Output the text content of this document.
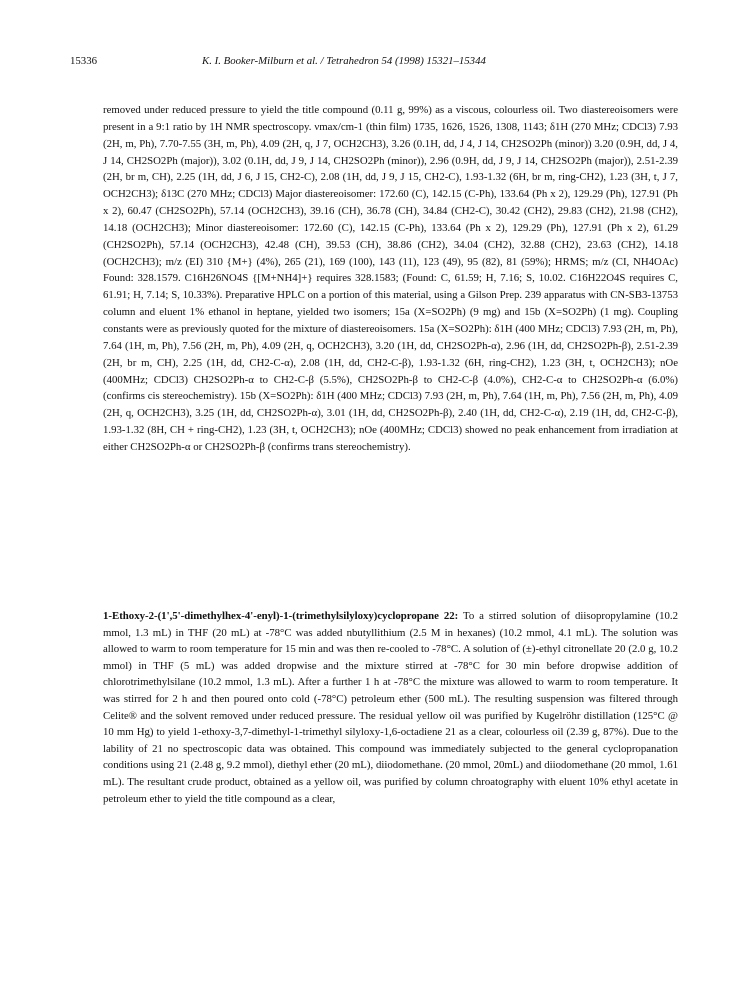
15336	K. I. Booker-Milburn et al. / Tetrahedron 54 (1998) 15321–15344

removed under reduced pressure to yield the title compound (0.11 g, 99%) as a viscous, colourless oil. Two diastereoisomers were present in a 9:1 ratio by 1H NMR spectroscopy. νmax/cm-1 (thin film) 1735, 1626, 1526, 1308, 1143; δ1H (270 MHz; CDCl3) 7.93 (2H, m, Ph), 7.70-7.55 (3H, m, Ph), 4.09 (2H, q, J 7, OCH2CH3), 3.26 (0.1H, dd, J 4, J 14, CH2SO2Ph (minor)) 3.20 (0.9H, dd, J 4, J 14, CH2SO2Ph (major)), 3.02 (0.1H, dd, J 9, J 14, CH2SO2Ph (minor)), 2.96 (0.9H, dd, J 9, J 14, CH2SO2Ph (major)), 2.51-2.39 (2H, br m, CH), 2.25 (1H, dd, J 6, J 15, CH2-C), 2.08 (1H, dd, J 9, J 15, CH2-C), 1.93-1.32 (6H, br m, ring-CH2), 1.23 (3H, t, J 7, OCH2CH3); δ13C (270 MHz; CDCl3) Major diastereoisomer: 172.60 (C), 142.15 (C-Ph), 133.64 (Ph x 2), 129.29 (Ph), 127.91 (Ph x 2), 60.47 (CH2SO2Ph), 57.14 (OCH2CH3), 39.16 (CH), 36.78 (CH), 34.84 (CH2-C), 30.42 (CH2), 29.83 (CH2), 21.98 (CH2), 14.18 (OCH2CH3); Minor diastereoisomer: 172.60 (C), 142.15 (C-Ph), 133.64 (Ph x 2), 129.29 (Ph), 127.91 (Ph x 2), 61.29 (CH2SO2Ph), 57.14 (OCH2CH3), 42.48 (CH), 39.53 (CH), 38.86 (CH2), 34.04 (CH2), 32.88 (CH2), 23.63 (CH2), 14.18 (OCH2CH3); m/z (EI) 310 {M+} (4%), 265 (21), 169 (100), 143 (11), 123 (49), 95 (82), 81 (59%); HRMS; m/z (CI, NH4OAc) Found: 328.1579. C16H26NO4S {[M+NH4]+} requires 328.1583; (Found: C, 61.59; H, 7.16; S, 10.02. C16H22O4S requires C, 61.91; H, 7.14; S, 10.33%). Preparative HPLC on a portion of this material, using a Gilson Prep. 239 apparatus with CN-SB3-13753 column and eluent 1% ethanol in heptane, yielded two isomers; 15a (X=SO2Ph) (9 mg) and 15b (X=SO2Ph) (1 mg). Coupling constants were as previously quoted for the mixture of diastereoisomers. 15a (X=SO2Ph): δ1H (400 MHz; CDCl3) 7.93 (2H, m, Ph), 7.64 (1H, m, Ph), 7.56 (2H, m, Ph), 4.09 (2H, q, OCH2CH3), 3.20 (1H, dd, CH2SO2Ph-α), 2.96 (1H, dd, CH2SO2Ph-β), 2.51-2.39 (2H, br m, CH), 2.25 (1H, dd, CH2-C-α), 2.08 (1H, dd, CH2-C-β), 1.93-1.32 (6H, ring-CH2), 1.23 (3H, t, OCH2CH3); nOe (400MHz; CDCl3) CH2SO2Ph-α to CH2-C-β (5.5%), CH2SO2Ph-β to CH2-C-β (4.0%), CH2-C-α to CH2SO2Ph-α (6.0%) (confirms cis stereochemistry). 15b (X=SO2Ph): δ1H (400 MHz; CDCl3) 7.93 (2H, m, Ph), 7.64 (1H, m, Ph), 7.56 (2H, m, Ph), 4.09 (2H, q, OCH2CH3), 3.25 (1H, dd, CH2SO2Ph-α), 3.01 (1H, dd, CH2SO2Ph-β), 2.40 (1H, dd, CH2-C-α), 2.19 (1H, dd, CH2-C-β), 1.93-1.32 (8H, CH + ring-CH2), 1.23 (3H, t, OCH2CH3); nOe (400MHz; CDCl3) showed no peak enhancement from irradiation at either CH2SO2Ph-α or CH2SO2Ph-β (confirms trans stereochemistry).

1-Ethoxy-2-(1',5'-dimethylhex-4'-enyl)-1-(trimethylsilyloxy)cyclopropane 22: To a stirred solution of diisopropylamine (10.2 mmol, 1.3 mL) in THF (20 mL) at -78°C was added nbutyllithium (2.5 M in hexanes) (10.2 mmol, 4.1 mL). The solution was allowed to warm to room temperature for 15 min and was then re-cooled to -78°C. A solution of (±)-ethyl citronellate 20 (2.0 g, 10.2 mmol) in THF (5 mL) was added dropwise and the mixture stirred at -78°C for 30 min before dropwise addition of chlorotrimethylsilane (10.2 mmol, 1.3 mL). After a further 1 h at -78°C the mixture was allowed to warm to room temperature. It was stirred for 2 h and then poured onto cold (-78°C) petroleum ether (500 mL). The resulting suspension was filtered through Celite® and the solvent removed under reduced pressure. The residual yellow oil was purified by Kugelröhr distillation (125°C @ 10 mm Hg) to yield 1-ethoxy-3,7-dimethyl-1-trimethyl silyloxy-1,6-octadiene 21 as a clear, colourless oil (2.39 g, 87%). Due to the lability of 21 no spectroscopic data was obtained. This compound was immediately subjected to the general cyclopropanation conditions using 21 (2.48 g, 9.2 mmol), diethyl ether (20 mL), diiodomethane. (20 mmol, 20mL) and diiodomethane (20 mmol, 1.61 mL). The resultant crude product, obtained as a yellow oil, was purified by column chroatography with eluent 10% ethyl acetate in petroleum ether to yield the title compound as a clear,
